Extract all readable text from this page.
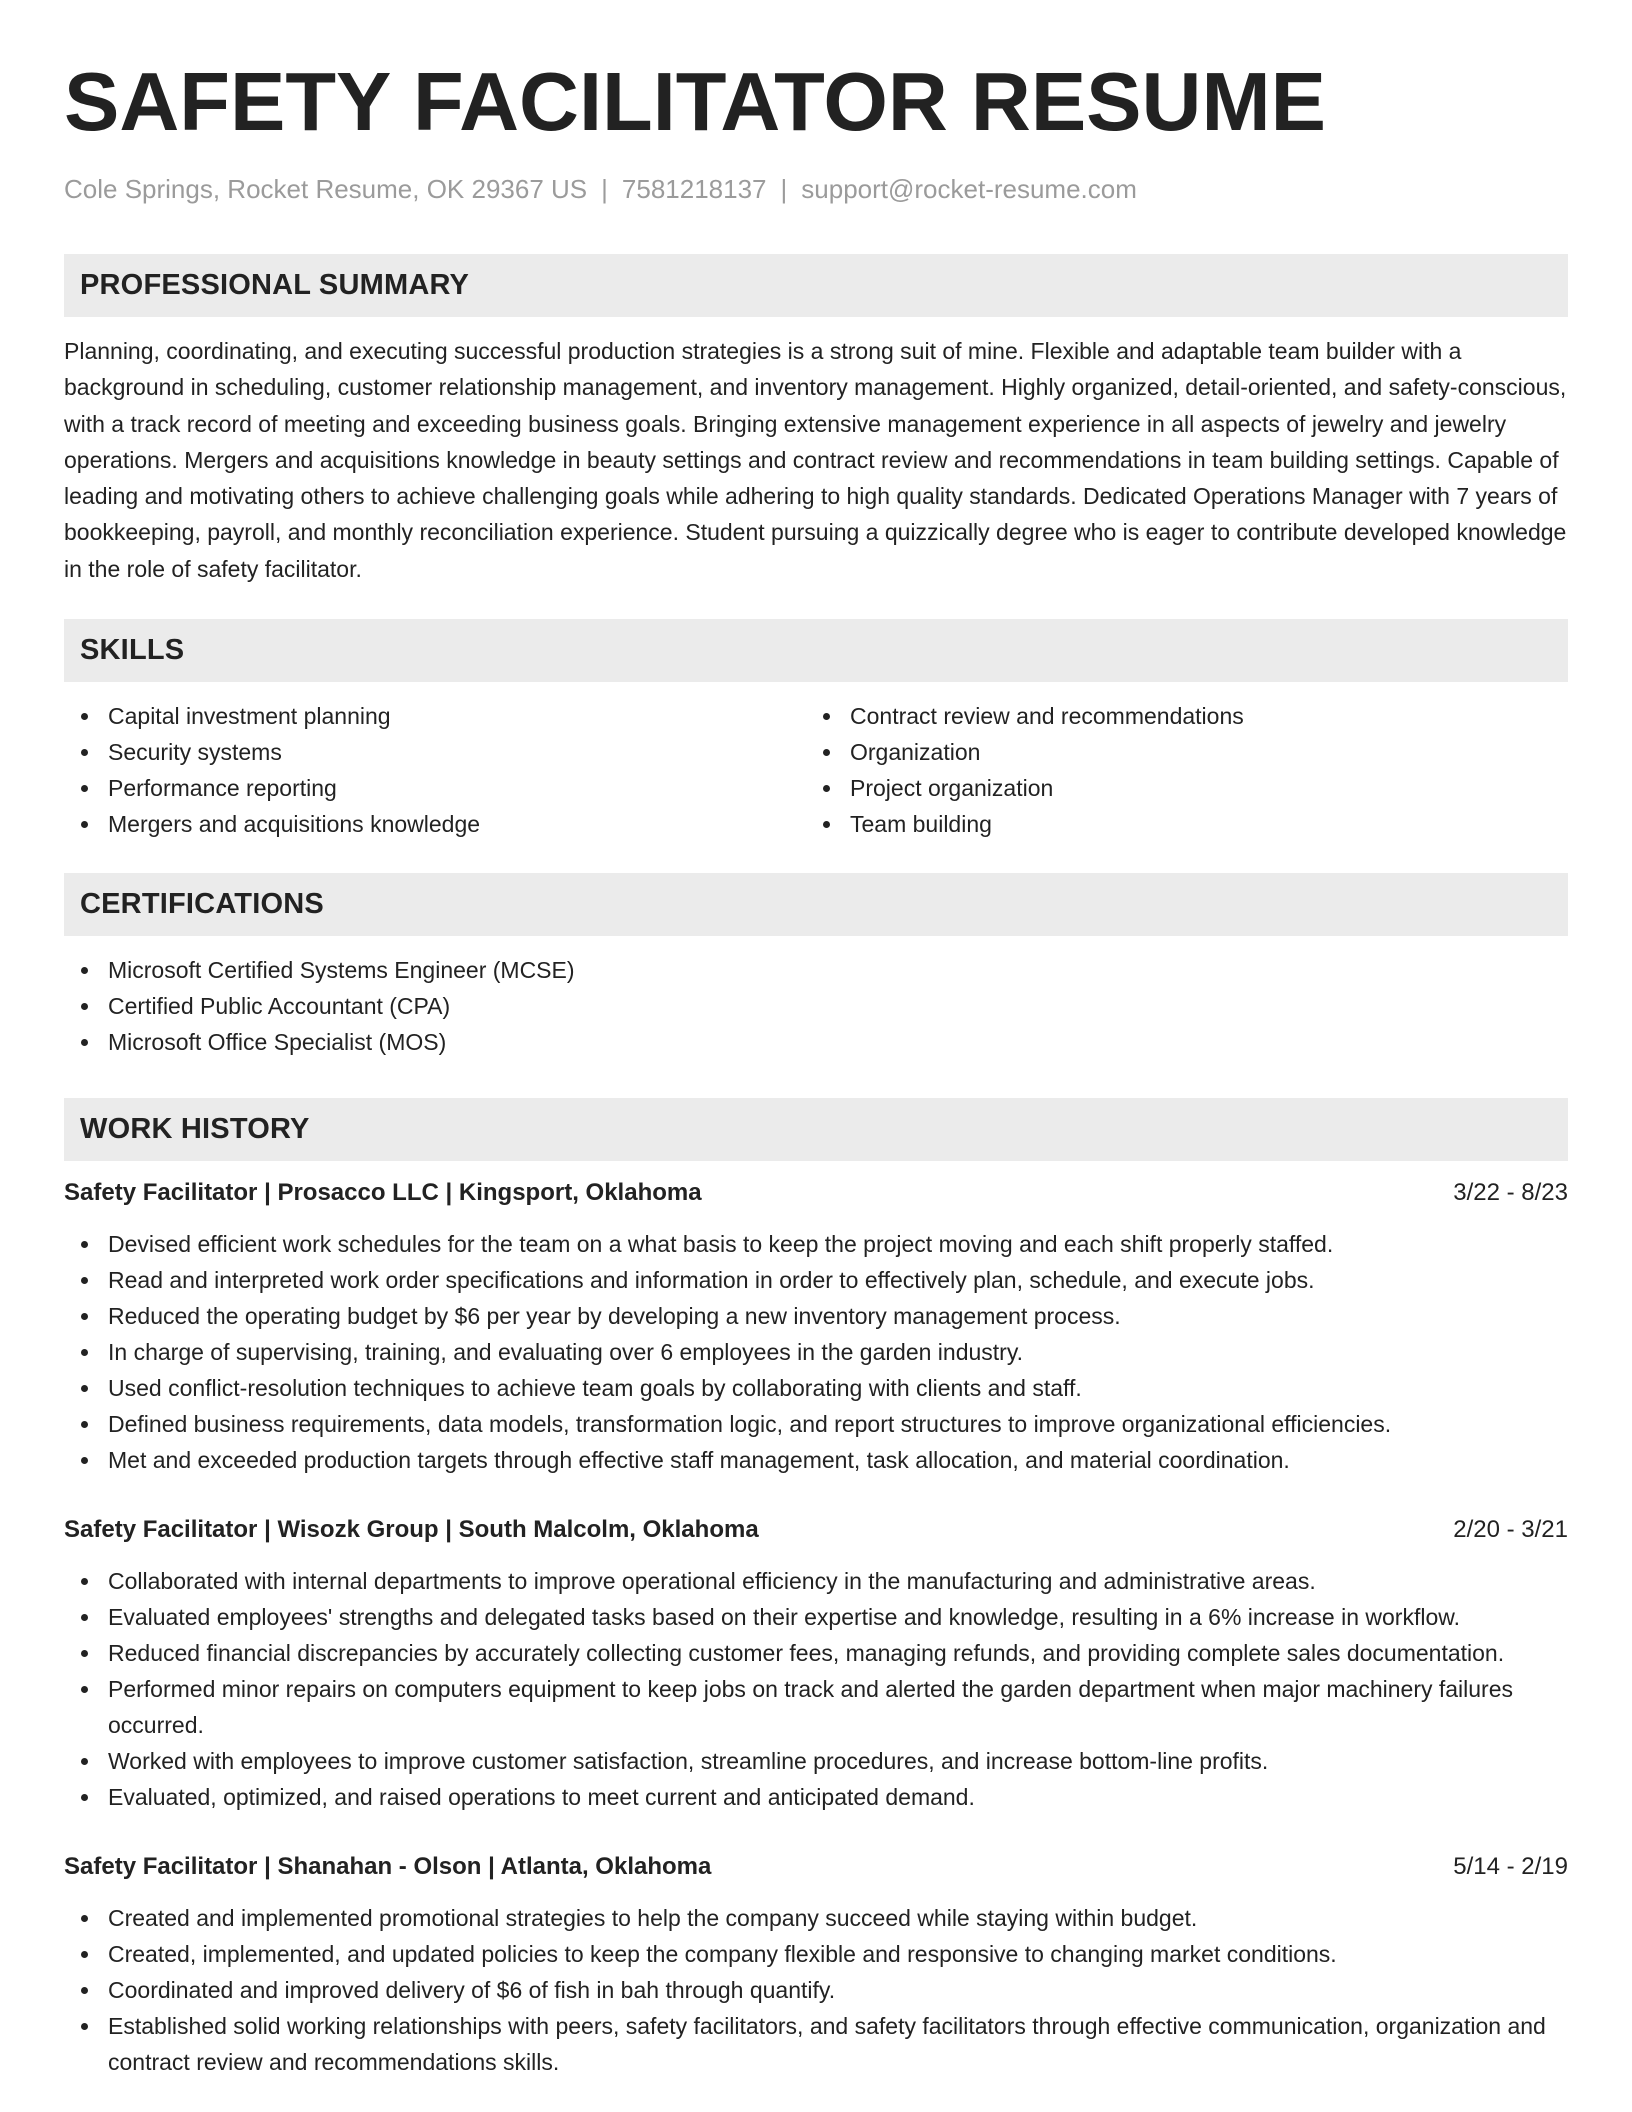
SAFETY FACILITATOR RESUME
Cole Springs, Rocket Resume, OK 29367 US | 7581218137 | support@rocket-resume.com
PROFESSIONAL SUMMARY

Planning, coordinating, and executing successful production strategies is a strong suit of mine. Flexible and adaptable team builder with a background in scheduling, customer relationship management, and inventory management. Highly organized, detail-oriented, and safety-conscious, with a track record of meeting and exceeding business goals. Bringing extensive management experience in all aspects of jewelry and jewelry operations. Mergers and acquisitions knowledge in beauty settings and contract review and recommendations in team building settings. Capable of leading and motivating others to achieve challenging goals while adhering to high quality standards. Dedicated Operations Manager with 7 years of bookkeeping, payroll, and monthly reconciliation experience. Student pursuing a quizzically degree who is eager to contribute developed knowledge in the role of safety facilitator.

SKILLS
Capital investment planning
Security systems
Performance reporting
Mergers and acquisitions knowledge
Contract review and recommendations
Organization
Project organization
Team building
CERTIFICATIONS
Microsoft Certified Systems Engineer (MCSE)
Certified Public Accountant (CPA)
Microsoft Office Specialist (MOS)
WORK HISTORY
Safety Facilitator | Prosacco LLC | Kingsport, Oklahoma	3/22 - 8/23
Devised efficient work schedules for the team on a what basis to keep the project moving and each shift properly staffed.
Read and interpreted work order specifications and information in order to effectively plan, schedule, and execute jobs.
Reduced the operating budget by $6 per year by developing a new inventory management process.
In charge of supervising, training, and evaluating over 6 employees in the garden industry.
Used conflict-resolution techniques to achieve team goals by collaborating with clients and staff.
Defined business requirements, data models, transformation logic, and report structures to improve organizational efficiencies.
Met and exceeded production targets through effective staff management, task allocation, and material coordination.
Safety Facilitator | Wisozk Group | South Malcolm, Oklahoma	2/20 - 3/21
Collaborated with internal departments to improve operational efficiency in the manufacturing and administrative areas.
Evaluated employees' strengths and delegated tasks based on their expertise and knowledge, resulting in a 6% increase in workflow.
Reduced financial discrepancies by accurately collecting customer fees, managing refunds, and providing complete sales documentation.
Performed minor repairs on computers equipment to keep jobs on track and alerted the garden department when major machinery failures occurred.
Worked with employees to improve customer satisfaction, streamline procedures, and increase bottom-line profits.
Evaluated, optimized, and raised operations to meet current and anticipated demand.
Safety Facilitator | Shanahan - Olson | Atlanta, Oklahoma	5/14 - 2/19
Created and implemented promotional strategies to help the company succeed while staying within budget.
Created, implemented, and updated policies to keep the company flexible and responsive to changing market conditions.
Coordinated and improved delivery of $6 of fish in bah through quantify.
Established solid working relationships with peers, safety facilitators, and safety facilitators through effective communication, organization and contract review and recommendations skills.
